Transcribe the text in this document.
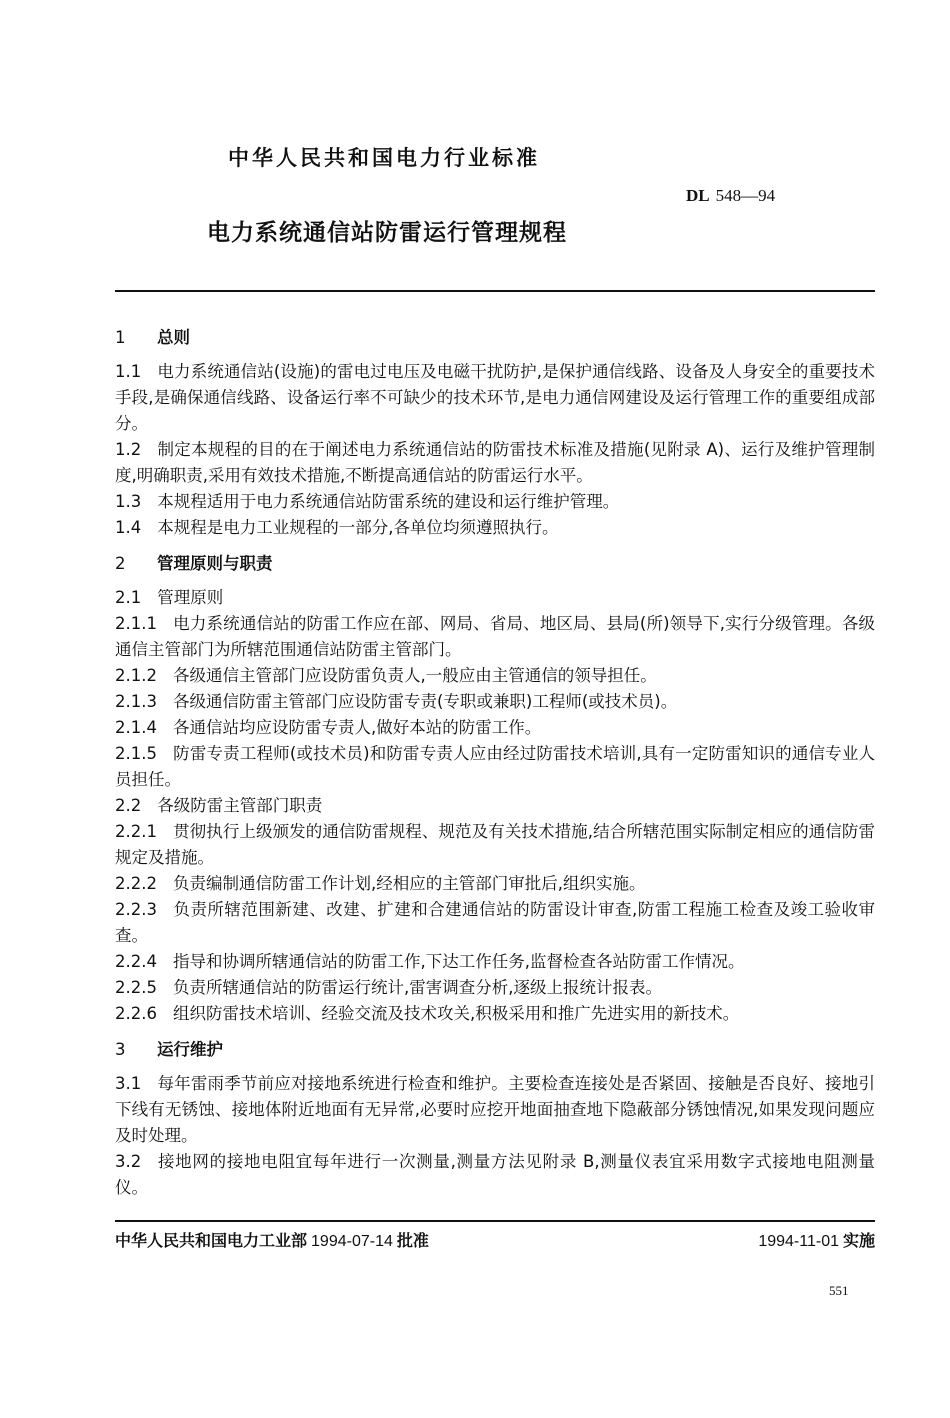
中华人民共和国电力行业标准
DL 548—94
电力系统通信站防雷运行管理规程
1 总则

1.1 电力系统通信站(设施)的雷电过电压及电磁干扰防护,是保护通信线路、设备及人身安全的重要技术手段,是确保通信线路、设备运行率不可缺少的技术环节,是电力通信网建设及运行管理工作的重要组成部分。

1.2 制定本规程的目的在于阐述电力系统通信站的防雷技术标准及措施(见附录 A)、运行及维护管理制度,明确职责,采用有效技术措施,不断提高通信站的防雷运行水平。

1.3 本规程适用于电力系统通信站防雷系统的建设和运行维护管理。

1.4 本规程是电力工业规程的一部分,各单位均须遵照执行。

2 管理原则与职责

2.1 管理原则

2.1.1 电力系统通信站的防雷工作应在部、网局、省局、地区局、县局(所)领导下,实行分级管理。各级通信主管部门为所辖范围通信站防雷主管部门。

2.1.2 各级通信主管部门应设防雷负责人,一般应由主管通信的领导担任。

2.1.3 各级通信防雷主管部门应设防雷专责(专职或兼职)工程师(或技术员)。

2.1.4 各通信站均应设防雷专责人,做好本站的防雷工作。

2.1.5 防雷专责工程师(或技术员)和防雷专责人应由经过防雷技术培训,具有一定防雷知识的通信专业人员担任。

2.2 各级防雷主管部门职责

2.2.1 贯彻执行上级颁发的通信防雷规程、规范及有关技术措施,结合所辖范围实际制定相应的通信防雷规定及措施。

2.2.2 负责编制通信防雷工作计划,经相应的主管部门审批后,组织实施。

2.2.3 负责所辖范围新建、改建、扩建和合建通信站的防雷设计审查,防雷工程施工检查及竣工验收审查。

2.2.4 指导和协调所辖通信站的防雷工作,下达工作任务,监督检查各站防雷工作情况。

2.2.5 负责所辖通信站的防雷运行统计,雷害调查分析,逐级上报统计报表。

2.2.6 组织防雷技术培训、经验交流及技术攻关,积极采用和推广先进实用的新技术。

3 运行维护

3.1 每年雷雨季节前应对接地系统进行检查和维护。主要检查连接处是否紧固、接触是否良好、接地引下线有无锈蚀、接地体附近地面有无异常,必要时应挖开地面抽查地下隐蔽部分锈蚀情况,如果发现问题应及时处理。

3.2 接地网的接地电阻宜每年进行一次测量,测量方法见附录 B,测量仪表宜采用数字式接地电阻测量仪。

中华人民共和国电力工业部 1994-07-14 批准	1994-11-01 实施
551
